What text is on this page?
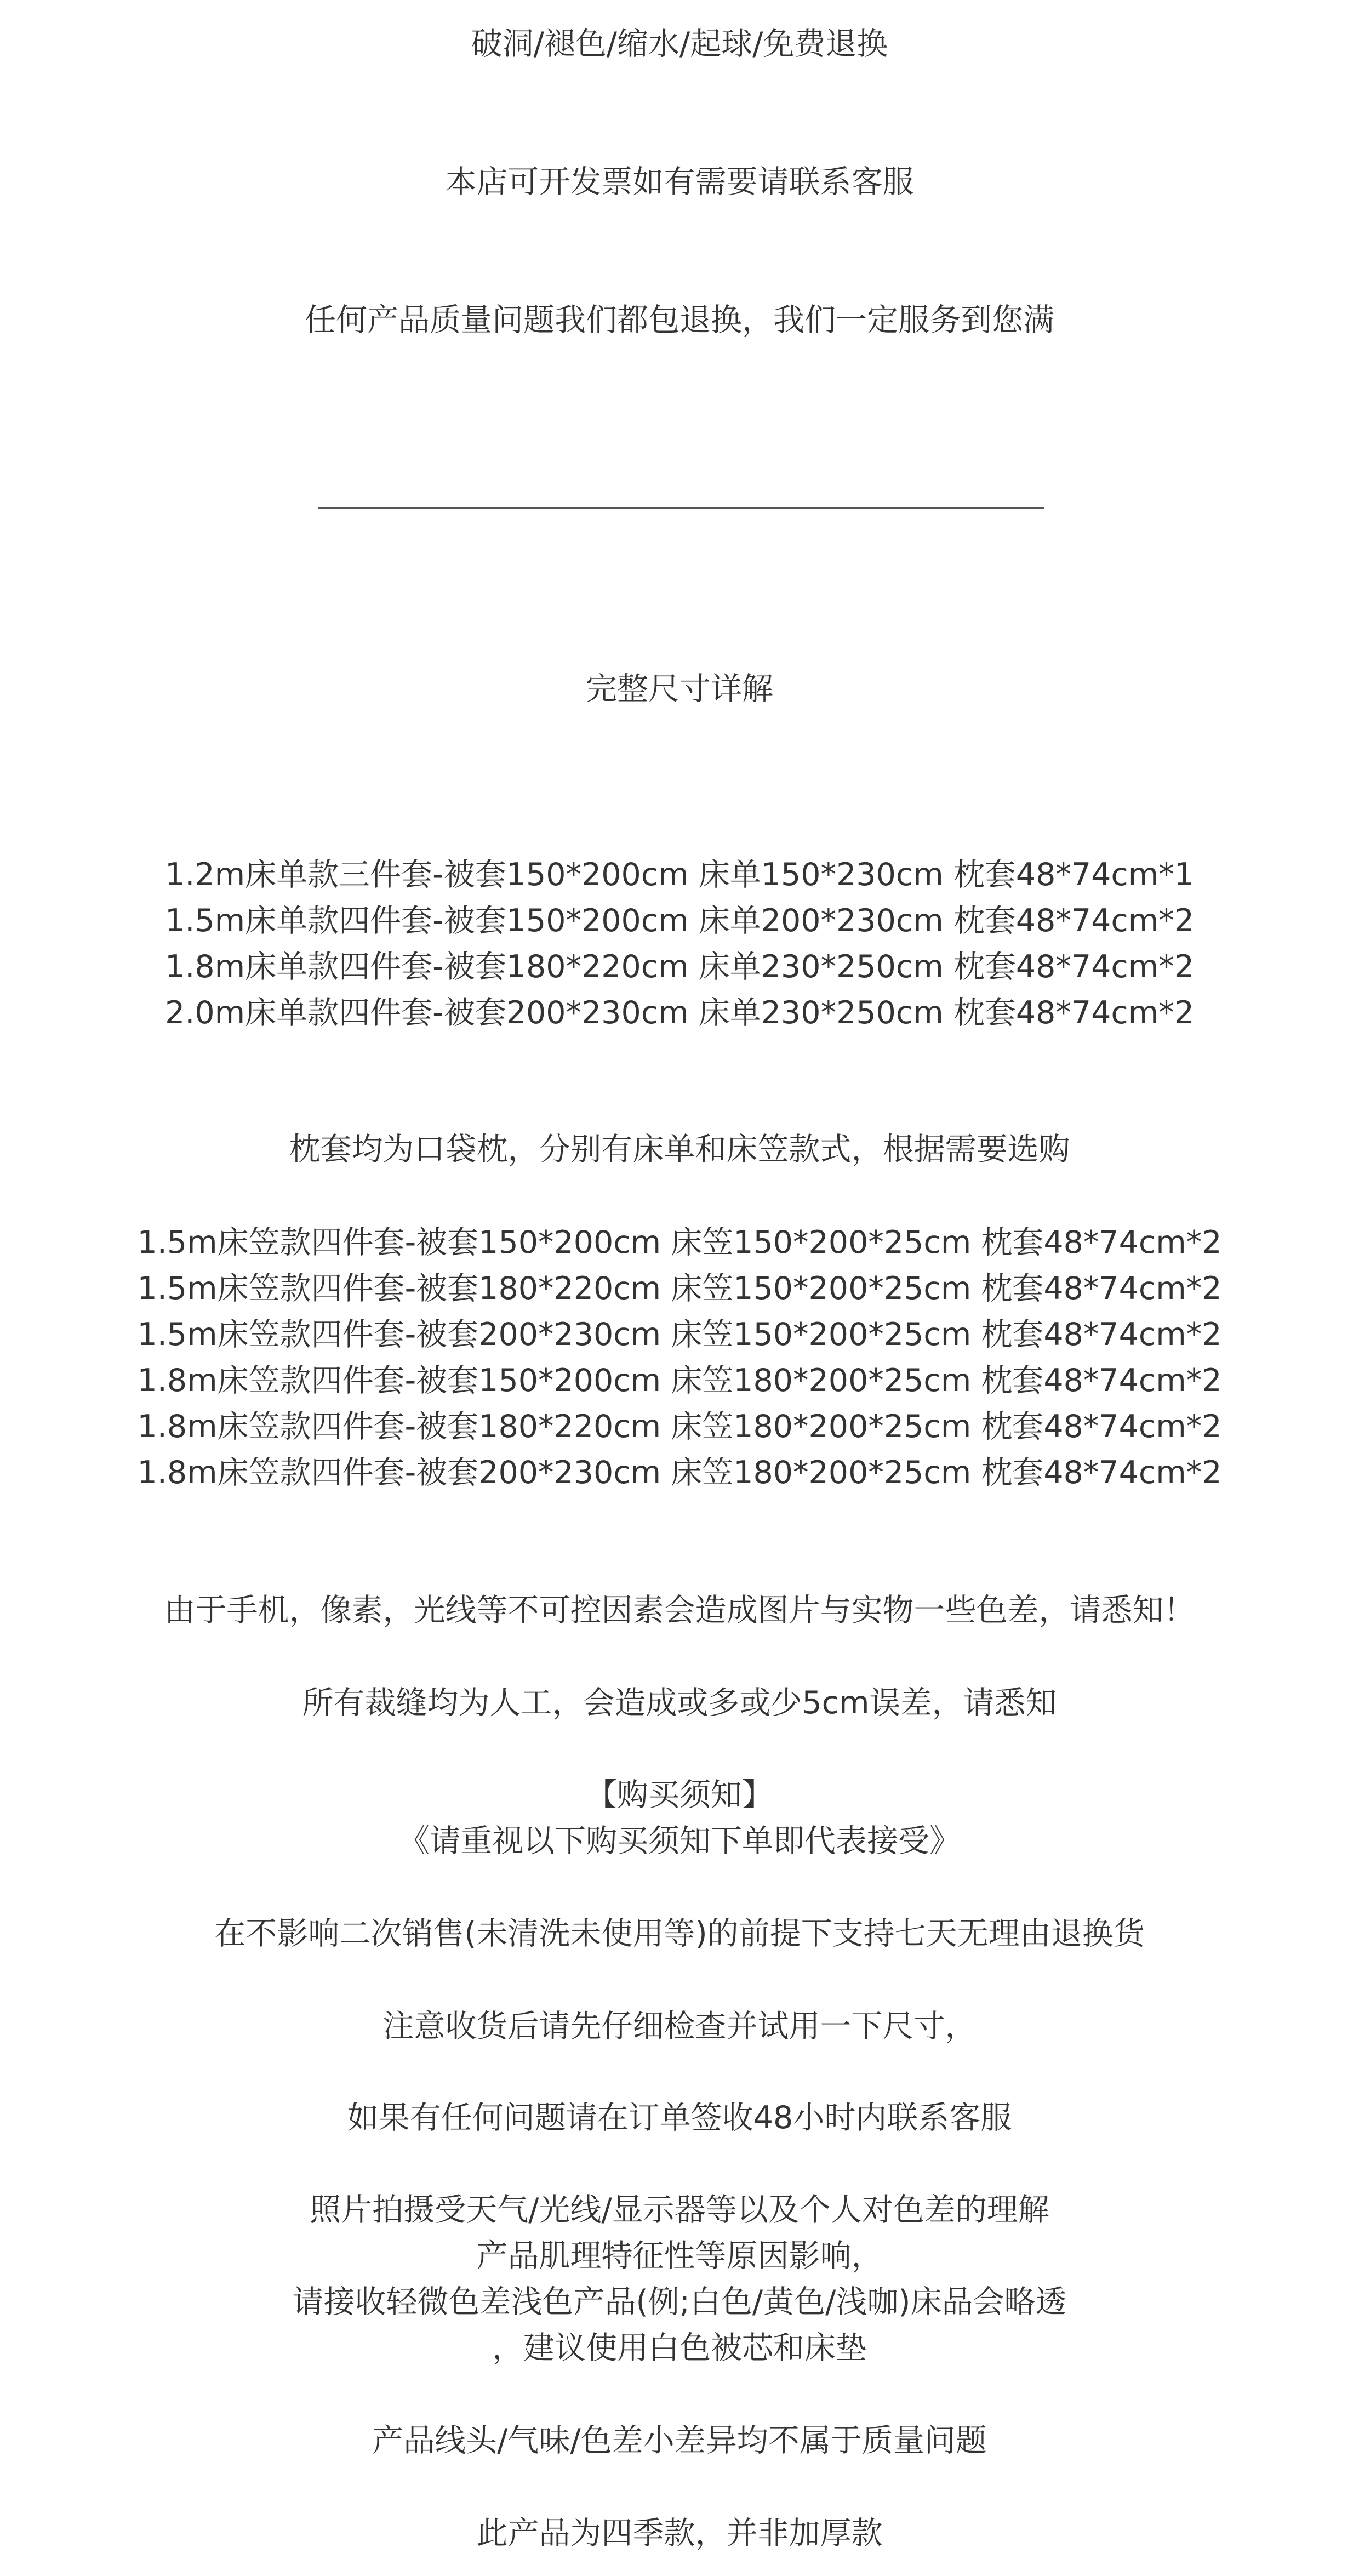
破洞/褪色/缩水/起球/免费退换
本店可开发票如有需要请联系客服
任何产品质量问题我们都包退换，我们一定服务到您满
完整尺寸详解
1.2m床单款三件套-被套150*200cm 床单150*230cm 枕套48*74cm*1
1.5m床单款四件套-被套150*200cm 床单200*230cm 枕套48*74cm*2
1.8m床单款四件套-被套180*220cm 床单230*250cm 枕套48*74cm*2
2.0m床单款四件套-被套200*230cm 床单230*250cm 枕套48*74cm*2
枕套均为口袋枕，分别有床单和床笠款式，根据需要选购
1.5m床笠款四件套-被套150*200cm 床笠150*200*25cm 枕套48*74cm*2
1.5m床笠款四件套-被套180*220cm 床笠150*200*25cm 枕套48*74cm*2
1.5m床笠款四件套-被套200*230cm 床笠150*200*25cm 枕套48*74cm*2
1.8m床笠款四件套-被套150*200cm 床笠180*200*25cm 枕套48*74cm*2
1.8m床笠款四件套-被套180*220cm 床笠180*200*25cm 枕套48*74cm*2
1.8m床笠款四件套-被套200*230cm 床笠180*200*25cm 枕套48*74cm*2
由于手机，像素，光线等不可控因素会造成图片与实物一些色差，请悉知！
所有裁缝均为人工，会造成或多或少5cm误差，请悉知
【购买须知】
《请重视以下购买须知下单即代表接受》
在不影响二次销售(未清洗未使用等)的前提下支持七天无理由退换货
注意收货后请先仔细检查并试用一下尺寸，
如果有任何问题请在订单签收48小时内联系客服
照片拍摄受天气/光线/显示器等以及个人对色差的理解
产品肌理特征性等原因影响，
请接收轻微色差浅色产品(例;白色/黄色/浅咖)床品会略透
，建议使用白色被芯和床垫
产品线头/气味/色差小差异均不属于质量问题
此产品为四季款，并非加厚款
